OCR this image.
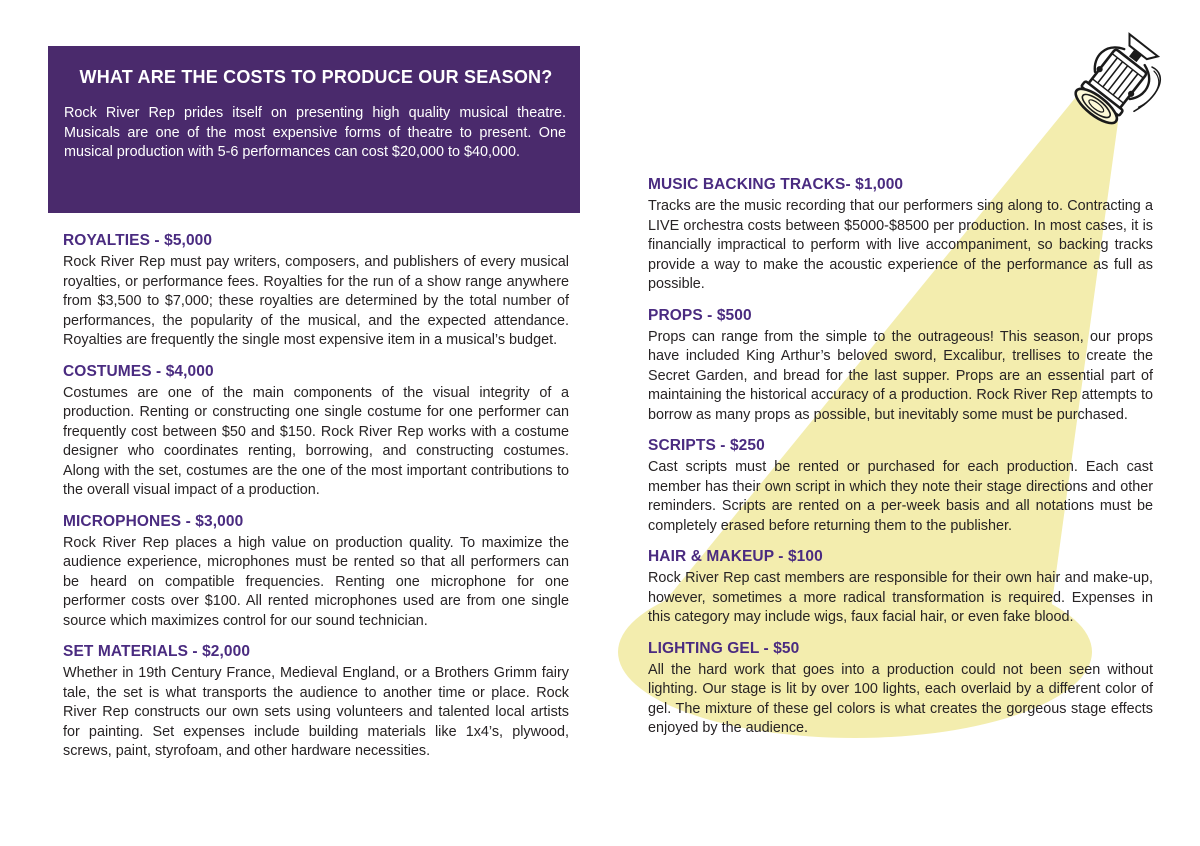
WHAT ARE THE COSTS TO PRODUCE OUR SEASON?
Rock River Rep prides itself on presenting high quality musical theatre. Musicals are one of the most expensive forms of theatre to present. One musical production with 5-6 performances can cost $20,000 to $40,000.
ROYALTIES - $5,000

Rock River Rep must pay writers, composers, and publishers of every musical royalties, or performance fees. Royalties for the run of a show range anywhere from $3,500 to $7,000; these royalties are determined by the total number of performances, the popularity of the musical, and the expected attendance. Royalties are frequently the single most expensive item in a musical’s budget.

COSTUMES - $4,000

Costumes are one of the main components of the visual integrity of a production. Renting or constructing one single costume for one performer can frequently cost between $50 and $150. Rock River Rep works with a costume designer who coordinates renting, borrowing, and constructing costumes. Along with the set, costumes are the one of the most important contributions to the overall visual impact of a production.

MICROPHONES - $3,000

Rock River Rep places a high value on production quality. To maximize the audience experience, microphones must be rented so that all performers can be heard on compatible frequencies. Renting one microphone for one performer costs over $100. All rented microphones used are from one single source which maximizes control for our sound technician.

SET MATERIALS - $2,000

Whether in 19th Century France, Medieval England, or a Brothers Grimm fairy tale, the set is what transports the audience to another time or place. Rock River Rep constructs our own sets using volunteers and talented local artists for painting. Set expenses include building materials like 1x4’s, plywood, screws, paint, styrofoam, and other hardware necessities.

MUSIC BACKING TRACKS- $1,000

Tracks are the music recording that our performers sing along to. Contracting a LIVE orchestra costs between $5000-$8500 per production. In most cases, it is financially impractical to perform with live accompaniment, so backing tracks provide a way to make the acoustic experience of the performance as full as possible.

PROPS - $500

Props can range from the simple to the outrageous! This season, our props have included King Arthur’s beloved sword, Excalibur, trellises to create the Secret Garden, and bread for the last supper. Props are an essential part of maintaining the historical accuracy of a production. Rock River Rep attempts to borrow as many props as possible, but inevitably some must be purchased.

SCRIPTS - $250

Cast scripts must be rented or purchased for each production. Each cast member has their own script in which they note their stage directions and other reminders. Scripts are rented on a per-week basis and all notations must be completely erased before returning them to the publisher.

HAIR & MAKEUP - $100

Rock River Rep cast members are responsible for their own hair and make-up, however, sometimes a more radical transformation is required. Expenses in this category may include wigs, faux facial hair, or even fake blood.

LIGHTING GEL - $50

All the hard work that goes into a production could not been seen without lighting. Our stage is lit by over 100 lights, each overlaid by a different color of gel. The mixture of these gel colors is what creates the gorgeous stage effects enjoyed by the audience.
